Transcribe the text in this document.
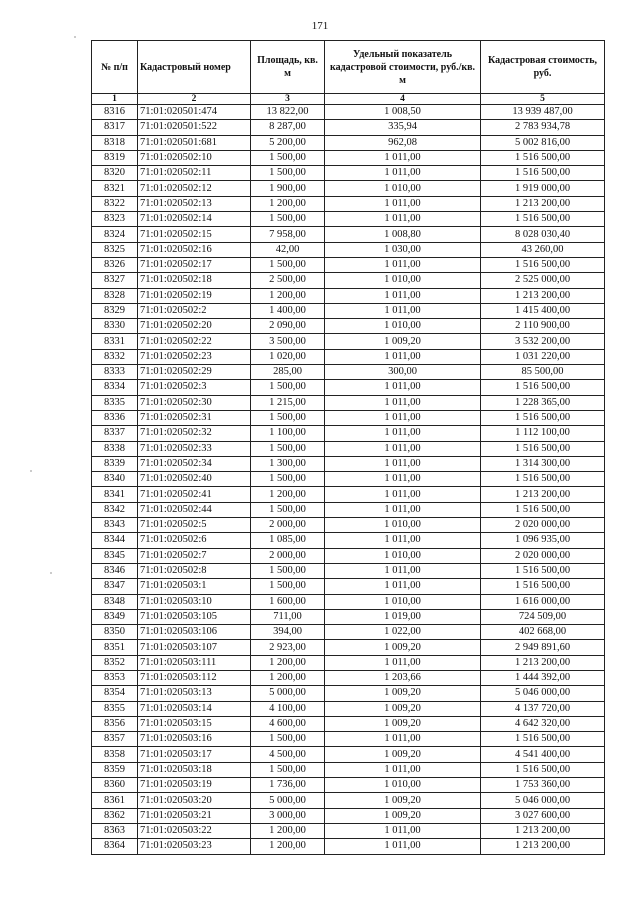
171
№ п/п	Кадастровый номер	Площадь, кв. м	Удельный показатель кадастровой стоимости, руб./кв. м	Кадастровая стоимость, руб.
1	2	3	4	5
8316	71:01:020501:474	13 822,00	1 008,50	13 939 487,00
8317	71:01:020501:522	8 287,00	335,94	2 783 934,78
8318	71:01:020501:681	5 200,00	962,08	5 002 816,00
8319	71:01:020502:10	1 500,00	1 011,00	1 516 500,00
8320	71:01:020502:11	1 500,00	1 011,00	1 516 500,00
8321	71:01:020502:12	1 900,00	1 010,00	1 919 000,00
8322	71:01:020502:13	1 200,00	1 011,00	1 213 200,00
8323	71:01:020502:14	1 500,00	1 011,00	1 516 500,00
8324	71:01:020502:15	7 958,00	1 008,80	8 028 030,40
8325	71:01:020502:16	42,00	1 030,00	43 260,00
8326	71:01:020502:17	1 500,00	1 011,00	1 516 500,00
8327	71:01:020502:18	2 500,00	1 010,00	2 525 000,00
8328	71:01:020502:19	1 200,00	1 011,00	1 213 200,00
8329	71:01:020502:2	1 400,00	1 011,00	1 415 400,00
8330	71:01:020502:20	2 090,00	1 010,00	2 110 900,00
8331	71:01:020502:22	3 500,00	1 009,20	3 532 200,00
8332	71:01:020502:23	1 020,00	1 011,00	1 031 220,00
8333	71:01:020502:29	285,00	300,00	85 500,00
8334	71:01:020502:3	1 500,00	1 011,00	1 516 500,00
8335	71:01:020502:30	1 215,00	1 011,00	1 228 365,00
8336	71:01:020502:31	1 500,00	1 011,00	1 516 500,00
8337	71:01:020502:32	1 100,00	1 011,00	1 112 100,00
8338	71:01:020502:33	1 500,00	1 011,00	1 516 500,00
8339	71:01:020502:34	1 300,00	1 011,00	1 314 300,00
8340	71:01:020502:40	1 500,00	1 011,00	1 516 500,00
8341	71:01:020502:41	1 200,00	1 011,00	1 213 200,00
8342	71:01:020502:44	1 500,00	1 011,00	1 516 500,00
8343	71:01:020502:5	2 000,00	1 010,00	2 020 000,00
8344	71:01:020502:6	1 085,00	1 011,00	1 096 935,00
8345	71:01:020502:7	2 000,00	1 010,00	2 020 000,00
8346	71:01:020502:8	1 500,00	1 011,00	1 516 500,00
8347	71:01:020503:1	1 500,00	1 011,00	1 516 500,00
8348	71:01:020503:10	1 600,00	1 010,00	1 616 000,00
8349	71:01:020503:105	711,00	1 019,00	724 509,00
8350	71:01:020503:106	394,00	1 022,00	402 668,00
8351	71:01:020503:107	2 923,00	1 009,20	2 949 891,60
8352	71:01:020503:111	1 200,00	1 011,00	1 213 200,00
8353	71:01:020503:112	1 200,00	1 203,66	1 444 392,00
8354	71:01:020503:13	5 000,00	1 009,20	5 046 000,00
8355	71:01:020503:14	4 100,00	1 009,20	4 137 720,00
8356	71:01:020503:15	4 600,00	1 009,20	4 642 320,00
8357	71:01:020503:16	1 500,00	1 011,00	1 516 500,00
8358	71:01:020503:17	4 500,00	1 009,20	4 541 400,00
8359	71:01:020503:18	1 500,00	1 011,00	1 516 500,00
8360	71:01:020503:19	1 736,00	1 010,00	1 753 360,00
8361	71:01:020503:20	5 000,00	1 009,20	5 046 000,00
8362	71:01:020503:21	3 000,00	1 009,20	3 027 600,00
8363	71:01:020503:22	1 200,00	1 011,00	1 213 200,00
8364	71:01:020503:23	1 200,00	1 011,00	1 213 200,00
